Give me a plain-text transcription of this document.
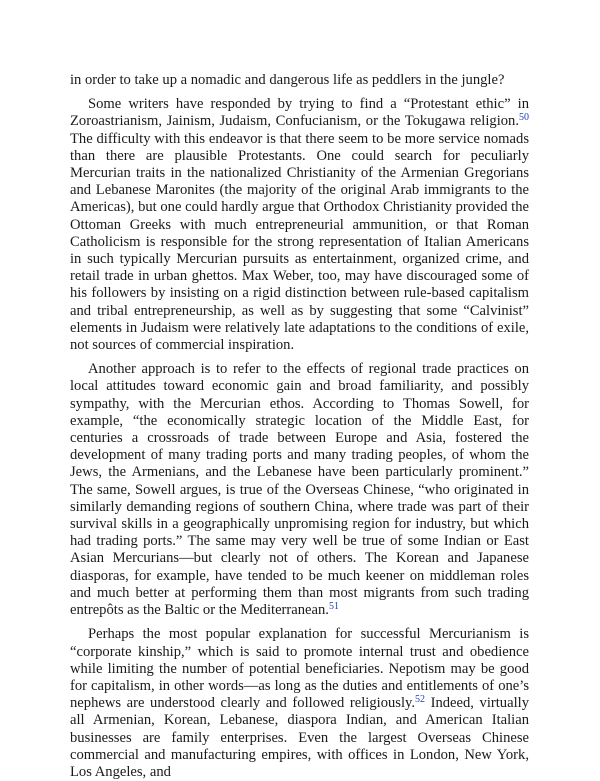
in order to take up a nomadic and dangerous life as peddlers in the jungle?

Some writers have responded by trying to find a “Protestant ethic” in Zoroastrianism, Jainism, Judaism, Confucianism, or the Tokugawa religion.$^{50}$ The difficulty with this endeavor is that there seem to be more service nomads than there are plausible Protestants. One could search for peculiarly Mercurian traits in the nationalized Christianity of the Armenian Gregorians and Lebanese Maronites (the majority of the original Arab immigrants to the Americas), but one could hardly argue that Orthodox Christianity provided the Ottoman Greeks with much entrepreneurial ammunition, or that Roman Catholicism is responsible for the strong representation of Italian Americans in such typically Mercurian pursuits as entertainment, organized crime, and retail trade in urban ghettos. Max Weber, too, may have discouraged some of his followers by insisting on a rigid distinction between rule-based capitalism and tribal entrepreneurship, as well as by suggesting that some “Calvinist” elements in Judaism were relatively late adaptations to the conditions of exile, not sources of commercial inspiration.

Another approach is to refer to the effects of regional trade practices on local attitudes toward economic gain and broad familiarity, and possibly sympathy, with the Mercurian ethos. According to Thomas Sowell, for example, “the economically strategic location of the Middle East, for centuries a crossroads of trade between Europe and Asia, fostered the development of many trading ports and many trading peoples, of whom the Jews, the Armenians, and the Lebanese have been particularly prominent.” The same, Sowell argues, is true of the Overseas Chinese, “who originated in similarly demanding regions of southern China, where trade was part of their survival skills in a geographically unpromising region for industry, but which had trading ports.” The same may very well be true of some Indian or East Asian Mercurians—but clearly not of others. The Korean and Japanese diasporas, for example, have tended to be much keener on middleman roles and much better at performing them than most migrants from such trading entrepôts as the Baltic or the Mediterranean.$^{51}$

Perhaps the most popular explanation for successful Mercurianism is “corporate kinship,” which is said to promote internal trust and obedience while limiting the number of potential beneficiaries. Nepotism may be good for capitalism, in other words—as long as the duties and entitlements of one’s nephews are understood clearly and followed religiously.$^{52}$ Indeed, virtually all Armenian, Korean, Lebanese, diaspora Indian, and American Italian businesses are family enterprises. Even the largest Overseas Chinese commercial and manufacturing empires, with offices in London, New York, Los Angeles, and
